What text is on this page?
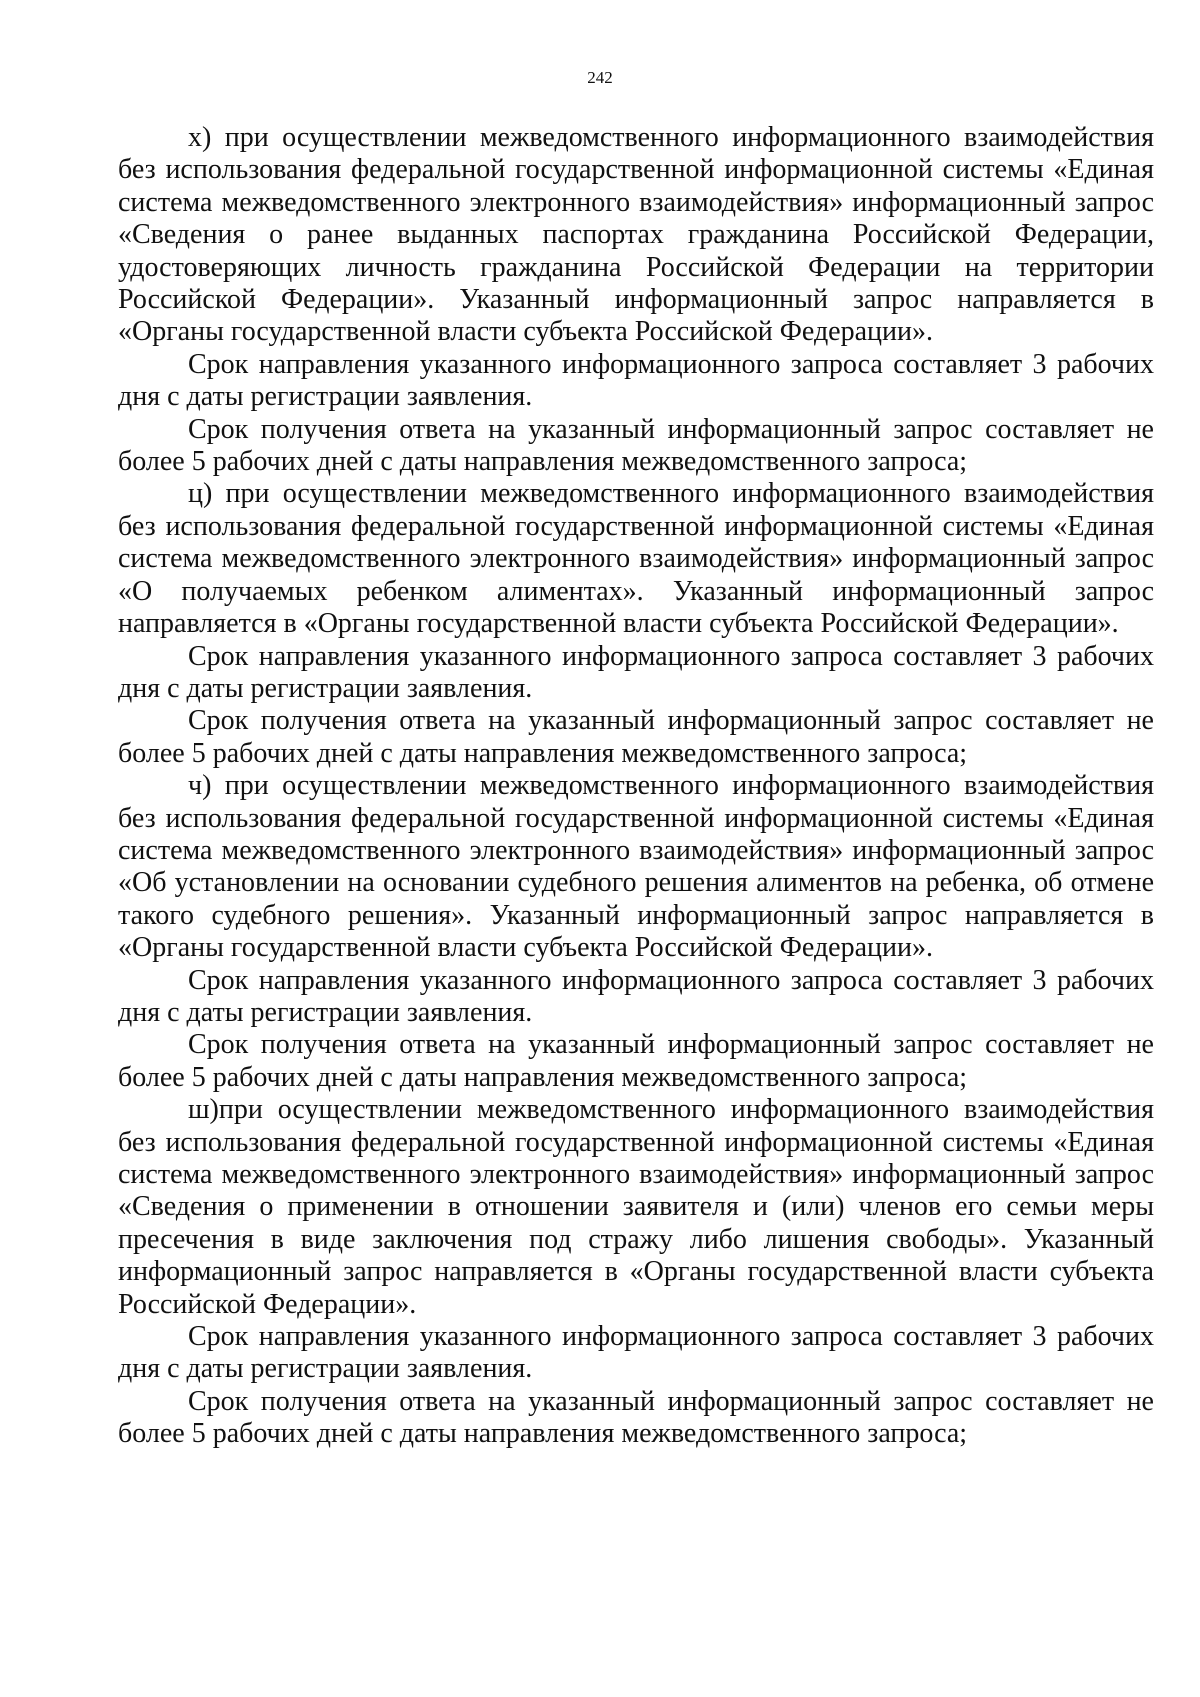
242

х) при осуществлении межведомственного информационного взаимодействия без использования федеральной государственной информационной системы «Единая система межведомственного электронного взаимодействия» информационный запрос «Сведения о ранее выданных паспортах гражданина Российской Федерации, удостоверяющих личность гражданина Российской Федерации на территории Российской Федерации». Указанный информационный запрос направляется в «Органы государственной власти субъекта Российской Федерации».

Срок направления указанного информационного запроса составляет 3 рабочих дня с даты регистрации заявления.

Срок получения ответа на указанный информационный запрос составляет не более 5 рабочих дней с даты направления межведомственного запроса;

ц) при осуществлении межведомственного информационного взаимодействия без использования федеральной государственной информационной системы «Единая система межведомственного электронного взаимодействия» информационный запрос «О получаемых ребенком алиментах». Указанный информационный запрос направляется в «Органы государственной власти субъекта Российской Федерации».

Срок направления указанного информационного запроса составляет 3 рабочих дня с даты регистрации заявления.

Срок получения ответа на указанный информационный запрос составляет не более 5 рабочих дней с даты направления межведомственного запроса;

ч) при осуществлении межведомственного информационного взаимодействия без использования федеральной государственной информационной системы «Единая система межведомственного электронного взаимодействия» информационный запрос «Об установлении на основании судебного решения алиментов на ребенка, об отмене такого судебного решения». Указанный информационный запрос направляется в «Органы государственной власти субъекта Российской Федерации».

Срок направления указанного информационного запроса составляет 3 рабочих дня с даты регистрации заявления.

Срок получения ответа на указанный информационный запрос составляет не более 5 рабочих дней с даты направления межведомственного запроса;

ш)при осуществлении межведомственного информационного взаимодействия без использования федеральной государственной информационной системы «Единая система межведомственного электронного взаимодействия» информационный запрос «Сведения о применении в отношении заявителя и (или) членов его семьи меры пресечения в виде заключения под стражу либо лишения свободы». Указанный информационный запрос направляется в «Органы государственной власти субъекта Российской Федерации».

Срок направления указанного информационного запроса составляет 3 рабочих дня с даты регистрации заявления.

Срок получения ответа на указанный информационный запрос составляет не более 5 рабочих дней с даты направления межведомственного запроса;
